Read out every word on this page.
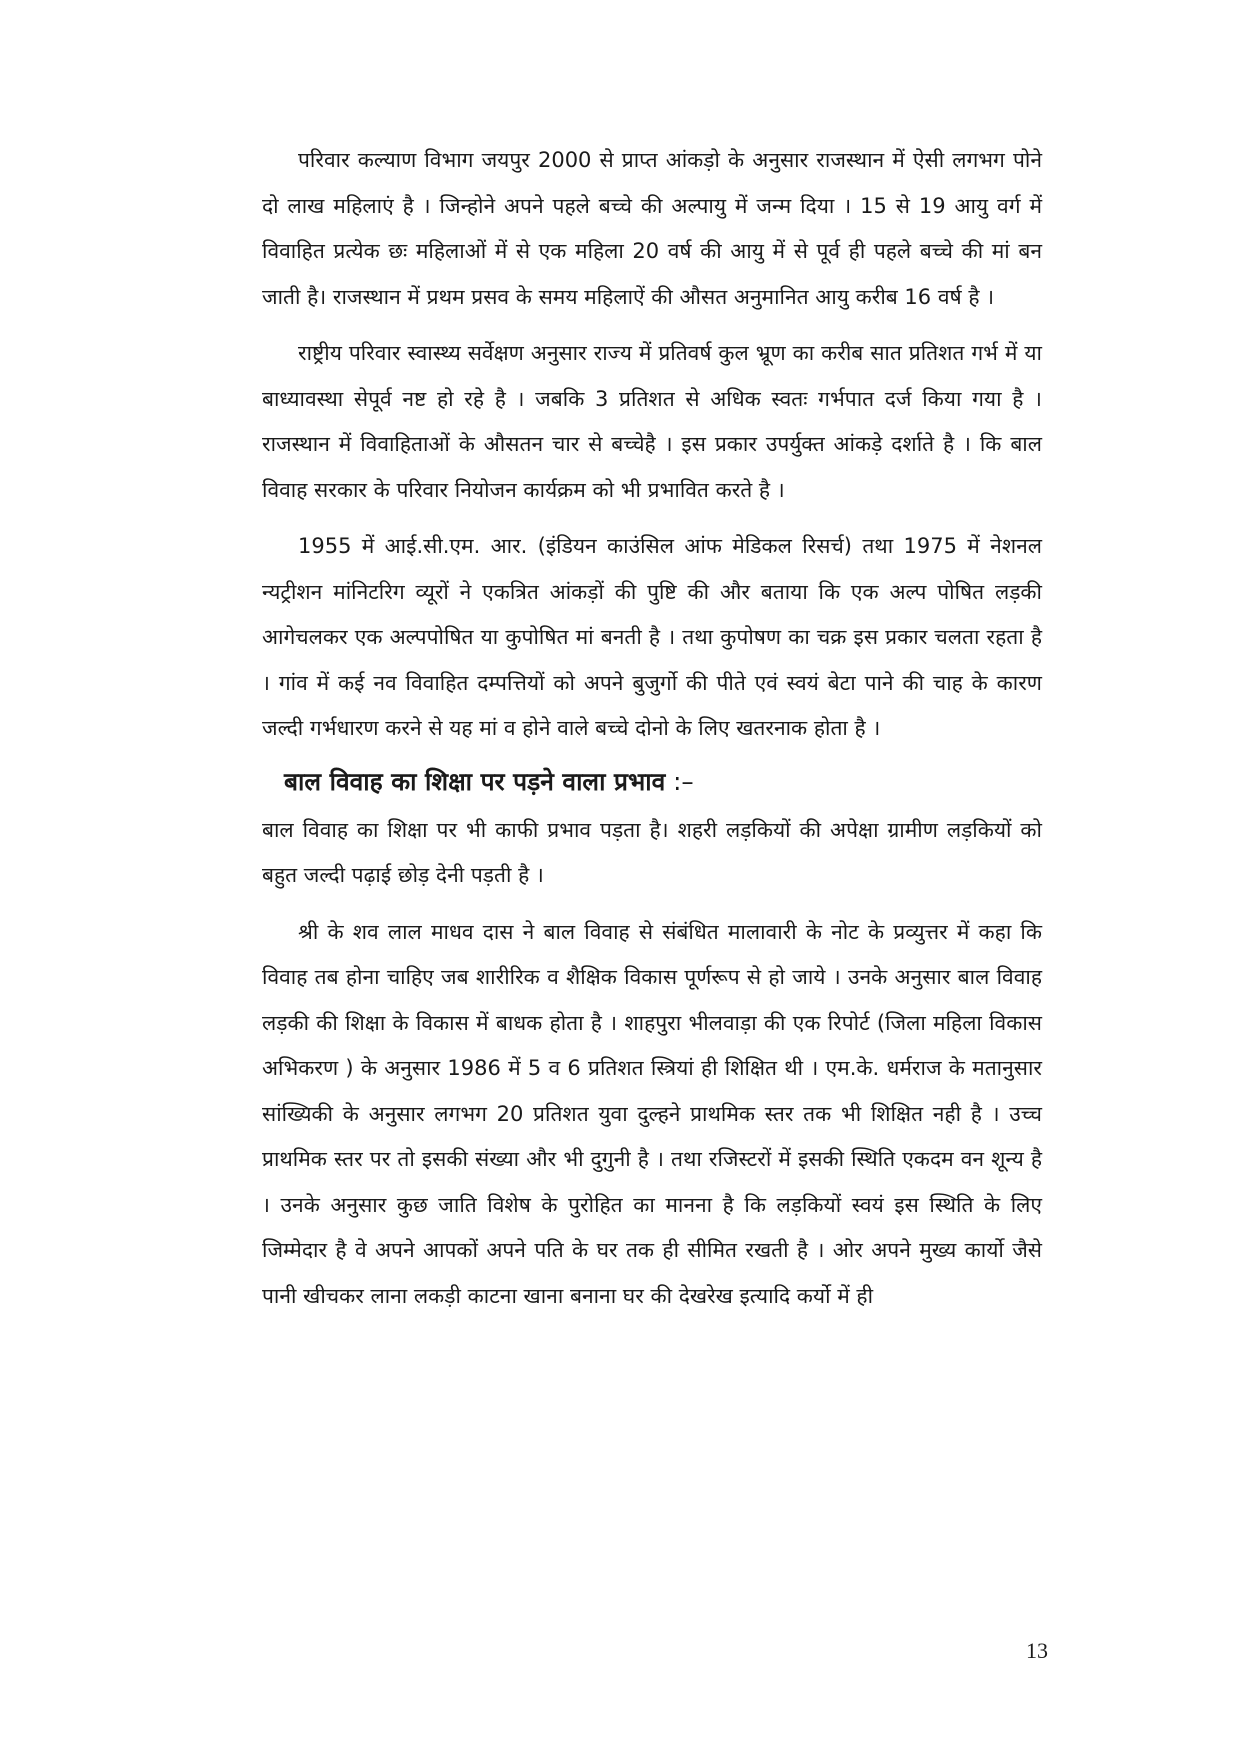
परिवार कल्याण विभाग जयपुर 2000 से प्राप्त आंकड़ो के अनुसार राजस्थान में ऐसी लगभग पोने दो लाख महिलाएं है । जिन्होने अपने पहले बच्चे की अल्पायु में जन्म दिया । 15 से 19 आयु वर्ग में विवाहित प्रत्येक छः महिलाओं में से एक महिला 20 वर्ष की आयु में से पूर्व ही पहले बच्चे की मां बन जाती है। राजस्थान में प्रथम प्रसव के समय महिलाऐं की औसत अनुमानित आयु करीब 16 वर्ष है ।

राष्ट्रीय परिवार स्वास्थ्य सर्वेक्षण अनुसार राज्य में प्रतिवर्ष कुल भ्रूण का करीब सात प्रतिशत गर्भ में या बाध्यावस्था सेपूर्व नष्ट हो रहे है । जबकि 3 प्रतिशत से अधिक स्वतः गर्भपात दर्ज किया गया है । राजस्थान में विवाहिताओं के औसतन चार से बच्चेहै । इस प्रकार उपर्युक्त आंकड़े दर्शाते है । कि बाल विवाह सरकार के परिवार नियोजन कार्यक्रम को भी प्रभावित करते है ।

1955 में आई.सी.एम. आर. (इंडियन काउंसिल आंफ मेडिकल रिसर्च) तथा 1975 में नेशनल न्यट्रीशन मांनिटरिग व्यूरों ने एकत्रित आंकड़ों की पुष्टि की और बताया कि एक अल्प पोषित लड़की आगेचलकर एक अल्पपोषित या कुपोषित मां बनती है । तथा कुपोषण का चक्र इस प्रकार चलता रहता है । गांव में कई नव विवाहित दम्पत्तियों को अपने बुजुर्गो की पीते एवं स्वयं बेटा पाने की चाह के कारण जल्दी गर्भधारण करने से यह मां व होने वाले बच्चे दोनो के लिए खतरनाक होता है ।

बाल विवाह का शिक्षा पर पड़ने वाला प्रभाव :–

बाल विवाह का शिक्षा पर भी काफी प्रभाव पड़ता है। शहरी लड़कियों की अपेक्षा ग्रामीण लड़कियों को बहुत जल्दी पढ़ाई छोड़ देनी पड़ती है ।

श्री के शव लाल माधव दास ने बाल विवाह से संबंधित मालावारी के नोट के प्रव्युत्तर में कहा कि विवाह तब होना चाहिए जब शारीरिक व शैक्षिक विकास पूर्णरूप से हो जाये । उनके अनुसार बाल विवाह लड़की की शिक्षा के विकास में बाधक होता है । शाहपुरा भीलवाड़ा की एक रिपोर्ट (जिला महिला विकास अभिकरण ) के अनुसार 1986 में 5 व 6 प्रतिशत स्त्रियां ही शिक्षित थी । एम.के. धर्मराज के मतानुसार सांख्यिकी के अनुसार लगभग 20 प्रतिशत युवा दुल्हने प्राथमिक स्तर तक भी शिक्षित नही है । उच्च प्राथमिक स्तर पर तो इसकी संख्या और भी दुगुनी है । तथा रजिस्टरों में इसकी स्थिति एकदम वन शून्य है । उनके अनुसार कुछ जाति विशेष के पुरोहित का मानना है कि लड़कियों स्वयं इस स्थिति के लिए जिम्मेदार है वे अपने आपकों अपने पति के घर तक ही सीमित रखती है । ओर अपने मुख्य कार्यो जैसे पानी खीचकर लाना लकड़ी काटना खाना बनाना घर की देखरेख इत्यादि कर्यो में ही

13
